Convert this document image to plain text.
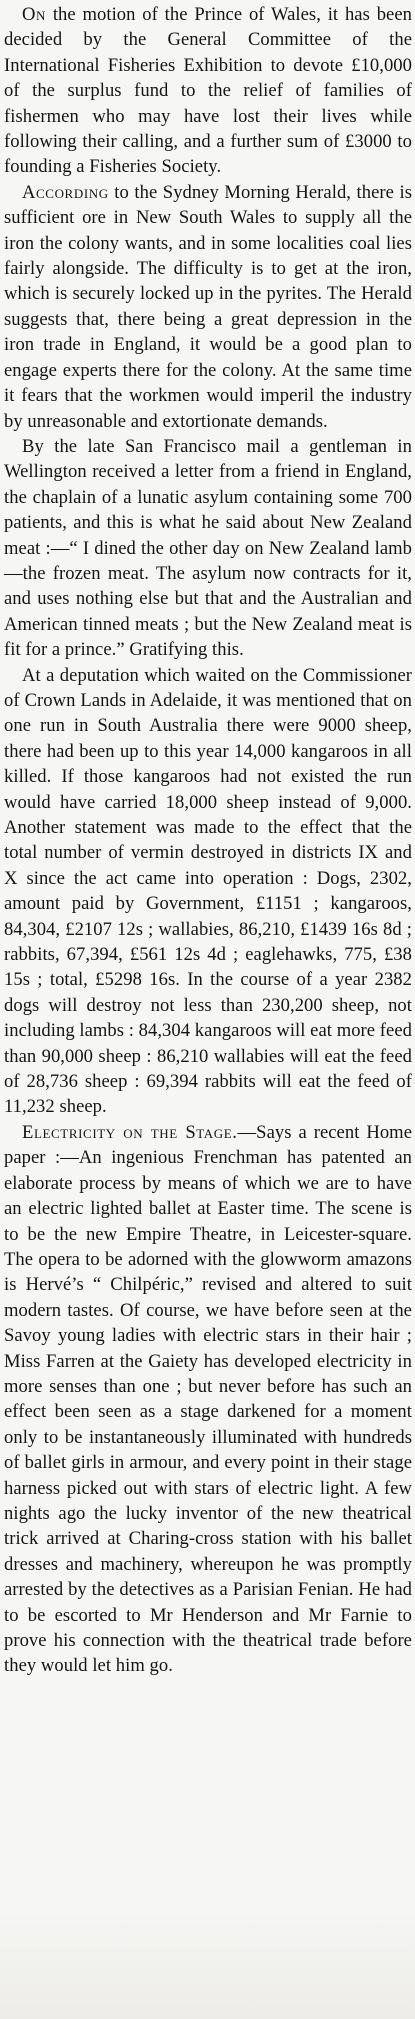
On the motion of the Prince of Wales, it has been decided by the General Committee of the International Fisheries Exhibition to devote £10,000 of the surplus fund to the relief of families of fishermen who may have lost their lives while following their calling, and a further sum of £3000 to founding a Fisheries Society.

According to the Sydney Morning Herald, there is sufficient ore in New South Wales to supply all the iron the colony wants, and in some localities coal lies fairly alongside. The difficulty is to get at the iron, which is securely locked up in the pyrites. The Herald suggests that, there being a great depression in the iron trade in England, it would be a good plan to engage experts there for the colony. At the same time it fears that the workmen would imperil the industry by unreasonable and extortionate demands.

By the late San Francisco mail a gentleman in Wellington received a letter from a friend in England, the chaplain of a lunatic asylum containing some 700 patients, and this is what he said about New Zealand meat :—“ I dined the other day on New Zealand lamb—the frozen meat. The asylum now contracts for it, and uses nothing else but that and the Australian and American tinned meats ; but the New Zealand meat is fit for a prince.” Gratifying this.

At a deputation which waited on the Commissioner of Crown Lands in Adelaide, it was mentioned that on one run in South Australia there were 9000 sheep, there had been up to this year 14,000 kangaroos in all killed. If those kangaroos had not existed the run would have carried 18,000 sheep instead of 9,000. Another statement was made to the effect that the total number of vermin destroyed in districts IX and X since the act came into operation : Dogs, 2302, amount paid by Government, £1151 ; kangaroos, 84,304, £2107 12s ; wallabies, 86,210, £1439 16s 8d ; rabbits, 67,394, £561 12s 4d ; eaglehawks, 775, £38 15s ; total, £5298 16s. In the course of a year 2382 dogs will destroy not less than 230,200 sheep, not including lambs : 84,304 kangaroos will eat more feed than 90,000 sheep : 86,210 wallabies will eat the feed of 28,736 sheep : 69,394 rabbits will eat the feed of 11,232 sheep.

Electricity on the Stage.—Says a recent Home paper :—An ingenious Frenchman has patented an elaborate process by means of which we are to have an electric lighted ballet at Easter time. The scene is to be the new Empire Theatre, in Leicester-square. The opera to be adorned with the glowworm amazons is Hervé’s “ Chilpéric,” revised and altered to suit modern tastes. Of course, we have before seen at the Savoy young ladies with electric stars in their hair ; Miss Farren at the Gaiety has developed electricity in more senses than one ; but never before has such an effect been seen as a stage darkened for a moment only to be instantaneously illuminated with hundreds of ballet girls in armour, and every point in their stage harness picked out with stars of electric light. A few nights ago the lucky inventor of the new theatrical trick arrived at Charing-cross station with his ballet dresses and machinery, whereupon he was promptly arrested by the detectives as a Parisian Fenian. He had to be escorted to Mr Henderson and Mr Farnie to prove his connection with the theatrical trade before they would let him go.
